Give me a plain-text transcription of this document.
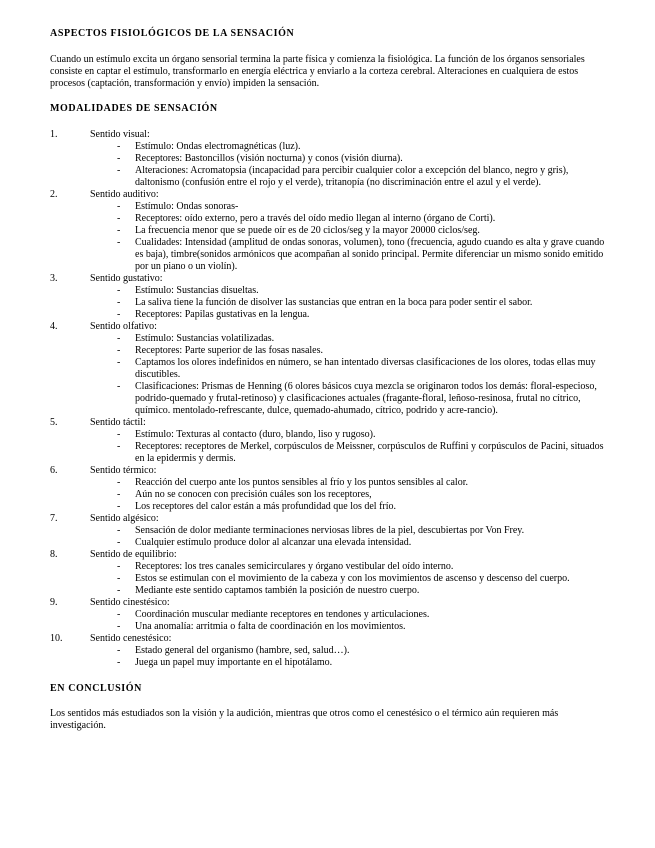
ASPECTOS FISIOLÓGICOS DE LA SENSACIÓN

Cuando un estímulo excita un órgano sensorial termina la parte física y comienza la fisiológica. La función de los órganos sensoriales consiste en captar el estímulo, transformarlo en energía eléctrica y enviarlo a la corteza cerebral. Alteraciones en cualquiera de estos procesos (captación, transformación y envío) impiden la sensación.

MODALIDADES DE SENSACIÓN
1.	Sentido visual:
-	Estímulo: Ondas electromagnéticas (luz).
-	Receptores: Bastoncillos (visión nocturna) y conos (visión diurna).
-	Alteraciones: Acromatopsia (incapacidad para percibir cualquier color a excepción del blanco, negro y gris), daltonismo (confusión entre el rojo y el verde), tritanopía (no discriminación entre el azul y el verde).
2.	Sentido auditivo:
-	Estímulo: Ondas sonoras-
-	Receptores: oído externo, pero a través del oído medio llegan al interno (órgano de Corti).
-	La frecuencia menor que se puede oír es de 20 ciclos/seg y la mayor 20000 ciclos/seg.
-	Cualidades: Intensidad (amplitud de ondas sonoras, volumen), tono (frecuencia, agudo cuando es alta y grave cuando es baja), timbre(sonidos armónicos que acompañan al sonido principal. Permite diferenciar un mismo sonido emitido por un piano o un violín).
3.	Sentido gustativo:
-	Estímulo: Sustancias disueltas.
-	La saliva tiene la función de disolver las sustancias que entran en la boca para poder sentir el sabor.
-	Receptores: Papilas gustativas en la lengua.
4.	Sentido olfativo:
-	Estímulo: Sustancias volatilizadas.
-	Receptores: Parte superior de las fosas nasales.
-	Captamos los olores indefinidos en número, se han intentado diversas clasificaciones de los olores, todas ellas muy discutibles.
-	Clasificaciones: Prismas de Henning (6 olores básicos cuya mezcla se originaron todos los demás: floral-especioso, podrido-quemado y frutal-retinoso) y clasificaciones actuales (fragante-floral, leñoso-resinosa, frutal no cítrico, químico. mentolado-refrescante, dulce, quemado-ahumado, cítrico, podrido y acre-rancio).
5.	Sentido táctil:
-	Estímulo: Texturas al contacto (duro, blando, liso y rugoso).
-	Receptores: receptores de Merkel, corpúsculos de Meissner, corpúsculos de Ruffini y corpúsculos de Pacini, situados en la epidermis y dermis.
6.	Sentido térmico:
-	Reacción del cuerpo ante los puntos sensibles al frío y los puntos sensibles al calor.
-	Aún no se conocen con precisión cuáles son los receptores,
-	Los receptores del calor están a más profundidad que los del frío.
7.	Sentido algésico:
-	Sensación de dolor mediante terminaciones nerviosas libres de la piel, descubiertas por Von Frey.
-	Cualquier estímulo produce dolor al alcanzar una elevada intensidad.
8.	Sentido de equilibrio:
-	Receptores: los tres canales semicirculares y órgano vestibular del oído interno.
-	Estos se estimulan con el movimiento de la cabeza y con los movimientos de ascenso y descenso del cuerpo.
-	Mediante este sentido captamos también la posición de nuestro cuerpo.
9.	Sentido cinestésico:
-	Coordinación muscular mediante receptores en tendones y articulaciones.
-	Una anomalía: arritmia o falta de coordinación en los movimientos.
10.	Sentido cenestésico:
-	Estado general del organismo (hambre, sed, salud…).
-	Juega un papel muy importante en el hipotálamo.
EN CONCLUSIÓN

Los sentidos más estudiados son la visión y la audición, mientras que otros como el cenestésico o el térmico aún requieren más investigación.
